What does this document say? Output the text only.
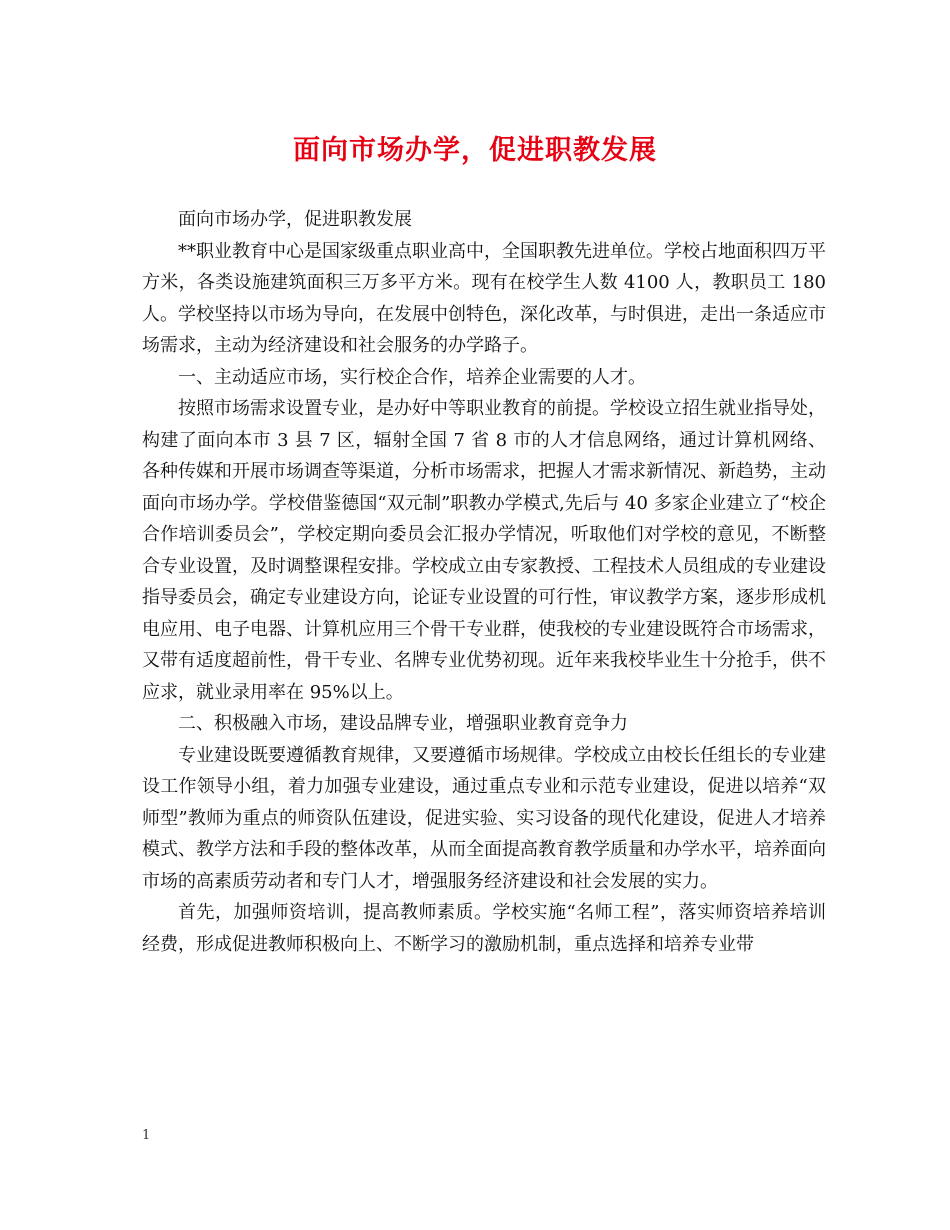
面向市场办学，促进职教发展

面向市场办学，促进职教发展

**职业教育中心是国家级重点职业高中，全国职教先进单位。学校占地面积四万平方米，各类设施建筑面积三万多平方米。现有在校学生人数 4100 人，教职员工 180 人。学校坚持以市场为导向，在发展中创特色，深化改革，与时俱进，走出一条适应市场需求，主动为经济建设和社会服务的办学路子。

一、主动适应市场，实行校企合作，培养企业需要的人才。

按照市场需求设置专业，是办好中等职业教育的前提。学校设立招生就业指导处，构建了面向本市 3 县 7 区，辐射全国 7 省 8 市的人才信息网络，通过计算机网络、各种传媒和开展市场调查等渠道，分析市场需求，把握人才需求新情况、新趋势，主动面向市场办学。学校借鉴德国“双元制”职教办学模式,先后与 40 多家企业建立了“校企合作培训委员会”，学校定期向委员会汇报办学情况，听取他们对学校的意见，不断整合专业设置，及时调整课程安排。学校成立由专家教授、工程技术人员组成的专业建设指导委员会，确定专业建设方向，论证专业设置的可行性，审议教学方案，逐步形成机电应用、电子电器、计算机应用三个骨干专业群，使我校的专业建设既符合市场需求，又带有适度超前性，骨干专业、名牌专业优势初现。近年来我校毕业生十分抢手，供不应求，就业录用率在 95%以上。

二、积极融入市场，建设品牌专业，增强职业教育竞争力

专业建设既要遵循教育规律，又要遵循市场规律。学校成立由校长任组长的专业建设工作领导小组，着力加强专业建设，通过重点专业和示范专业建设，促进以培养“双师型”教师为重点的师资队伍建设，促进实验、实习设备的现代化建设，促进人才培养模式、教学方法和手段的整体改革，从而全面提高教育教学质量和办学水平，培养面向市场的高素质劳动者和专门人才，增强服务经济建设和社会发展的实力。

首先，加强师资培训，提高教师素质。学校实施“名师工程”，落实师资培养培训经费，形成促进教师积极向上、不断学习的激励机制，重点选择和培养专业带

1
